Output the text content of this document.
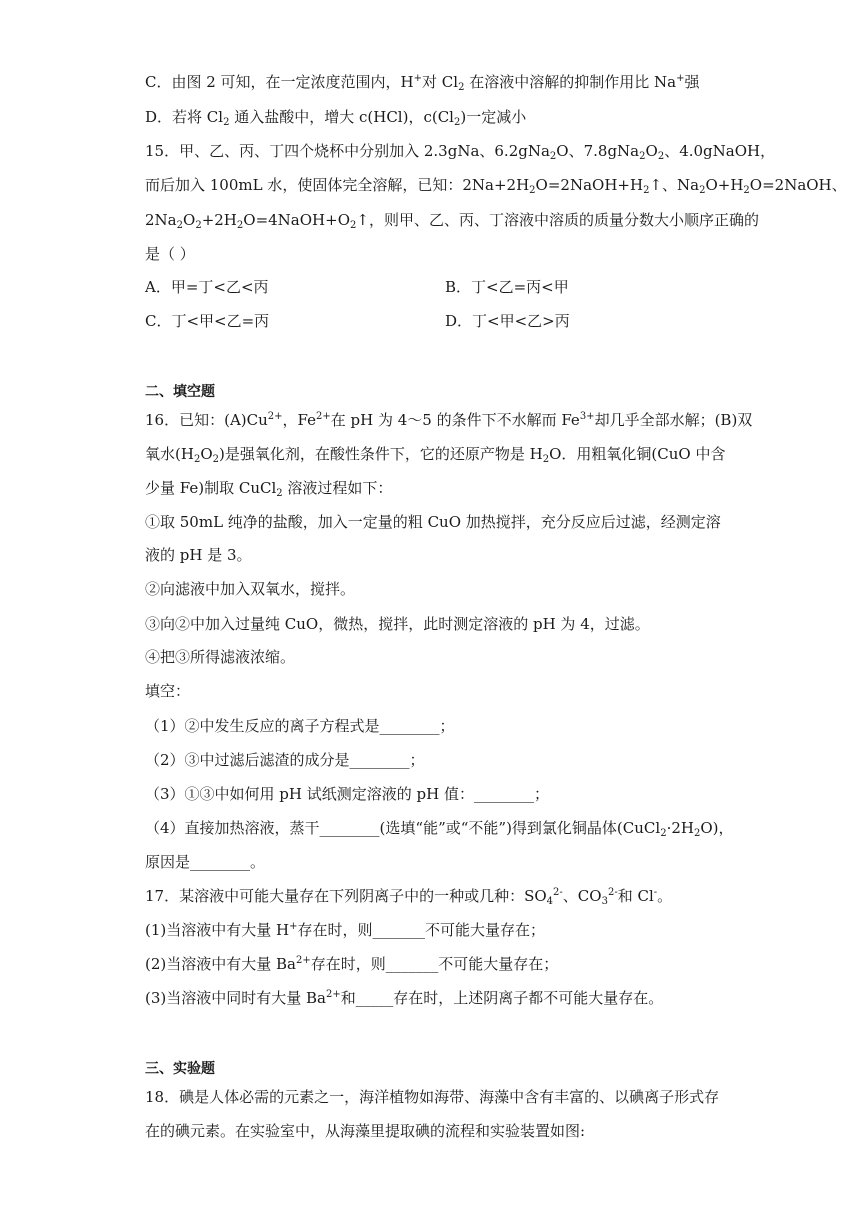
C．由图 2 可知，在一定浓度范围内，H+对 $Cl_2$ 在溶液中溶解的抑制作用比 Na+强
D．若将 $Cl_2$ 通入盐酸中，增大 c(HCl)，$c(Cl_2)$一定减小
15．甲、乙、丙、丁四个烧杯中分别加入 2.3gNa、6.2gNa$_2$O、$7.8gNa_2O_2$、4.0gNaOH，
而后加入 100mL 水，使固体完全溶解，已知：$2Na+2H_2O=2NaOH+H_2↑$、$Na_2O+H_2O=2NaOH$、
$2Na_2O_2+2H_2O=4NaOH+O_2↑$，则甲、乙、丙、丁溶液中溶质的质量分数大小顺序正确的
是（ ）
A．甲=丁<乙<丙	B．丁<乙=丙<甲
C．丁<甲<乙=丙	D．丁<甲<乙>丙
二、填空题
16．已知：$(A)Cu^{2+}$，$Fe^{2+}$在 pH 为 4～5 的条件下不水解而 $Fe^{3+}$却几乎全部水解；(B)双
氧水$(H_2O_2)$是强氧化剂，在酸性条件下，它的还原产物是 $H_2O$．用粗氧化铜(CuO 中含
少量 Fe)制取 CuCl$_2$ 溶液过程如下：
①取 50mL 纯净的盐酸，加入一定量的粗 CuO 加热搅拌，充分反应后过滤，经测定溶
液的 pH 是 3。
②向滤液中加入双氧水，搅拌。
③向②中加入过量纯 CuO，微热，搅拌，此时测定溶液的 pH 为 4，过滤。
④把③所得滤液浓缩。
填空：
（1）②中发生反应的离子方程式是________；
（2）③中过滤后滤渣的成分是________；
（3）①③中如何用 pH 试纸测定溶液的 pH 值：________；
（4）直接加热溶液，蒸干________(选填“能”或“不能”)得到氯化铜晶体$(CuCl_2\cdot 2H_2O)$，
原因是________。
17．某溶液中可能大量存在下列阴离子中的一种或几种：$SO_4^{2-}$、$CO_3^{2-}$和 Cl-。
(1)当溶液中有大量 H+存在时，则_______不可能大量存在；
(2)当溶液中有大量 $Ba^{2+}$存在时，则_______不可能大量存在；
(3)当溶液中同时有大量 $Ba^{2+}$和_____存在时，上述阴离子都不可能大量存在。
三、实验题
18．碘是人体必需的元素之一，海洋植物如海带、海藻中含有丰富的、以碘离子形式存
在的碘元素。在实验室中，从海藻里提取碘的流程和实验装置如图:
